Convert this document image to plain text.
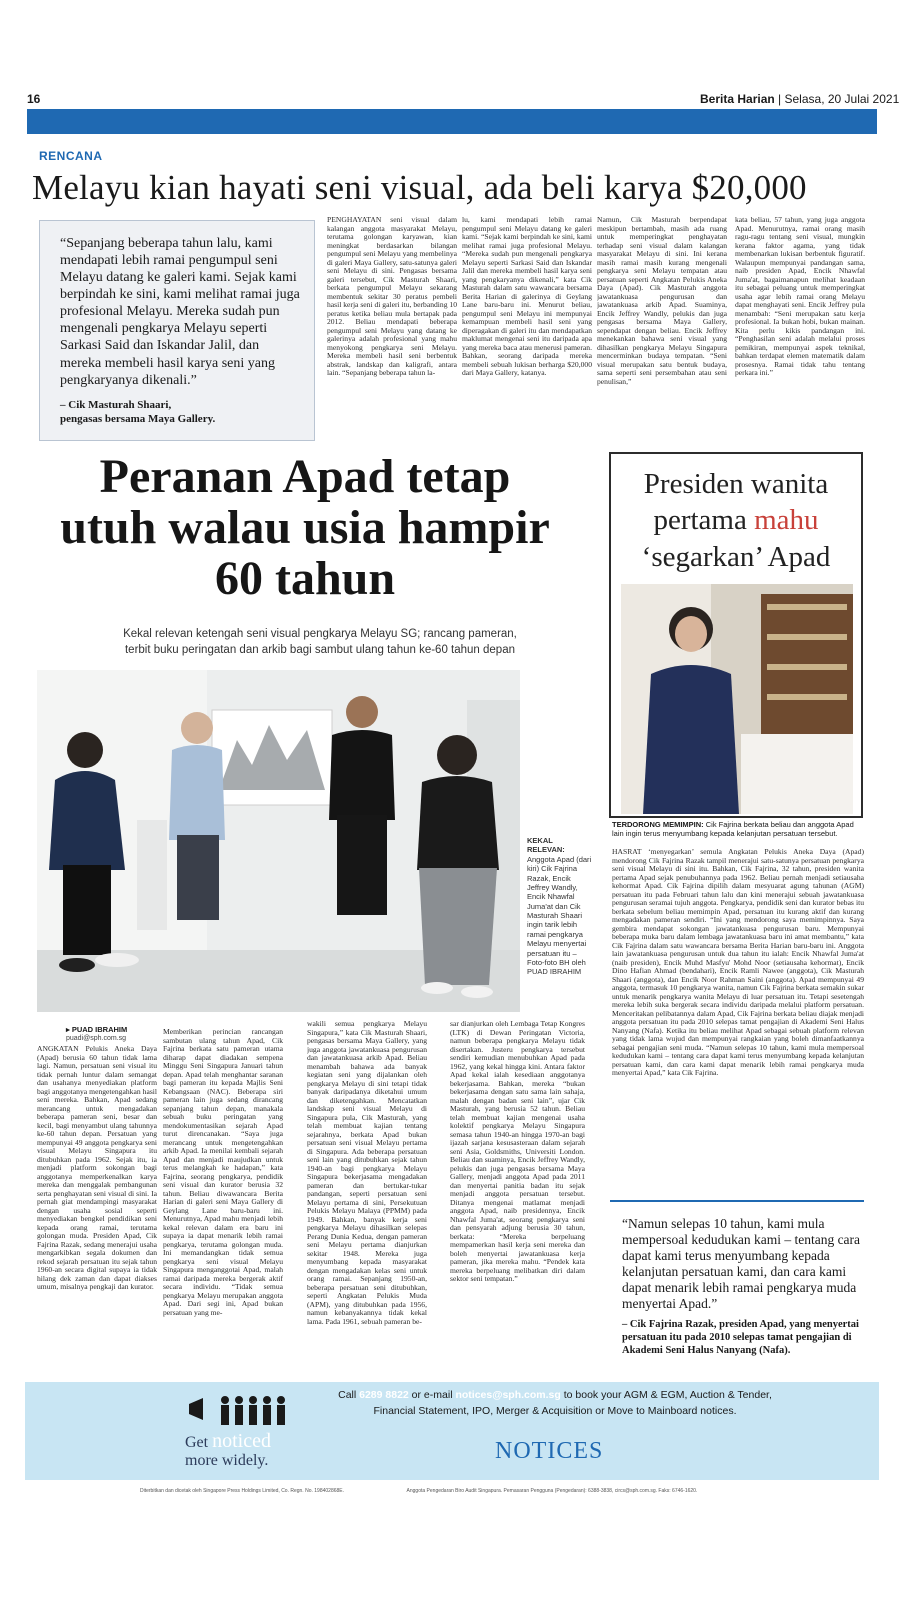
16	Berita Harian | Selasa, 20 Julai 2021
RENCANA
Melayu kian hayati seni visual, ada beli karya $20,000
“Sepanjang beberapa tahun lalu, kami mendapati lebih ramai pengumpul seni Melayu datang ke galeri kami. Sejak kami berpindah ke sini, kami melihat ramai juga profesional Melayu. Mereka sudah pun mengenali pengkarya Melayu seperti Sarkasi Said dan Iskandar Jalil, dan mereka membeli hasil karya seni yang pengkaryanya dikenali.”
– Cik Masturah Shaari,
pengasas bersama Maya Gallery.
PENGHAYATAN seni visual dalam kalangan anggota masyarakat Melayu, terutama golongan karyawan, kian meningkat berdasarkan bilangan pengumpul seni Melayu yang membelinya di galeri Maya Gallery, satu-satunya galeri seni Melayu di sini. Pengasas bersama galeri tersebut, Cik Masturah Shaari, berkata pengumpul Melayu sekarang membentuk sekitar 30 peratus pembeli hasil kerja seni di galeri itu, berbanding 10 peratus ketika beliau mula bertapak pada 2012. Beliau mendapati beberapa pengumpul seni Melayu yang datang ke galerinya adalah profesional yang mahu menyokong pengkarya seni Melayu. Mereka membeli hasil seni berbentuk abstrak, landskap dan kaligrafi, antara lain. “Sepanjang beberapa tahun la-
lu, kami mendapati lebih ramai pengumpul seni Melayu datang ke galeri kami. “Sejak kami berpindah ke sini, kami melihat ramai juga profesional Melayu. “Mereka sudah pun mengenali pengkarya Melayu seperti Sarkasi Said dan Iskandar Jalil dan mereka membeli hasil karya seni yang pengkaryanya dikenali,” kata Cik Masturah dalam satu wawancara bersama Berita Harian di galerinya di Geylang Lane baru-baru ini. Menurut beliau, pengumpul seni Melayu ini mempunyai kemampuan membeli hasil seni yang diperagakan di galeri itu dan mendapatkan maklumat mengenai seni itu daripada apa yang mereka baca atau menerusi pameran. Bahkan, seorang daripada mereka membeli sebuah lukisan berharga $20,000 dari Maya Gallery, katanya.
Namun, Cik Masturah berpendapat meskipun bertambah, masih ada ruang untuk memperingkat penghayatan terhadap seni visual dalam kalangan masyarakat Melayu di sini. Ini kerana masih ramai masih kurang mengenali pengkarya seni Melayu tempatan atau persatuan seperti Angkatan Pelukis Aneka Daya (Apad). Cik Masturah anggota jawatankuasa pengurusan dan jawatankuasa arkib Apad. Suaminya, Encik Jeffrey Wandly, pelukis dan juga pengasas bersama Maya Gallery, sependapat dengan beliau. Encik Jeffrey menekankan bahawa seni visual yang dihasilkan pengkarya Melayu Singapura mencerminkan budaya tempatan. “Seni visual merupakan satu bentuk budaya, sama seperti seni persembahan atau seni penulisan,”
kata beliau, 57 tahun, yang juga anggota Apad. Menurutnya, ramai orang masih ragu-ragu tentang seni visual, mungkin kerana faktor agama, yang tidak membenarkan lukisan berbentuk figuratif. Walaupun mempunyai pandangan sama, naib presiden Apad, Encik Nhawfal Juma'at, bagaimanapun melihat keadaan itu sebagai peluang untuk memperingkat usaha agar lebih ramai orang Melayu dapat menghayati seni. Encik Jeffrey pula menambah: “Seni merupakan satu kerja profesional. Ia bukan hobi, bukan mainan. Kita perlu kikis pandangan ini. “Penghasilan seni adalah melalui proses pemikiran, mempunyai aspek teknikal, bahkan terdapat elemen matematik dalam prosesnya. Ramai tidak tahu tentang perkara ini.”
Peranan Apad tetap utuh walau usia hampir 60 tahun
Kekal relevan ketengah seni visual pengkarya Melayu SG; rancang pameran, terbit buku peringatan dan arkib bagi sambut ulang tahun ke-60 tahun depan
KEKAL
RELEVAN:
Anggota Apad (dari kiri) Cik Fajrina Razak, Encik Jeffrey Wandly, Encik Nhawfal Juma'at dan Cik Masturah Shaari ingin tarik lebih ramai pengkarya Melayu menyertai persatuan itu – Foto-foto BH oleh PUAD IBRAHIM
▸ PUAD IBRAHIM
puadi@sph.com.sg
ANGKATAN Pelukis Aneka Daya (Apad) berusia 60 tahun tidak lama lagi. Namun, persatuan seni visual itu tidak pernah luntur dalam semangat dan usahanya menyediakan platform bagi anggotanya mengetengahkan hasil seni mereka. Bahkan, Apad sedang merancang untuk mengadakan beberapa pameran seni, besar dan kecil, bagi menyambut ulang tahunnya ke-60 tahun depan. Persatuan yang mempunyai 49 anggota pengkarya seni visual Melayu Singapura itu ditubuhkan pada 1962. Sejak itu, ia menjadi platform sokongan bagi anggotanya memperkenalkan karya mereka dan menggalak pembangunan serta penghayatan seni visual di sini. Ia pernah giat mendampingi masyarakat dengan usaha sosial seperti menyediakan bengkel pendidikan seni kepada orang ramai, terutama golongan muda. Presiden Apad, Cik Fajrina Razak, sedang menerajui usaha mengarkibkan segala dokumen dan rekod sejarah persatuan itu sejak tahun 1960-an secara digital supaya ia tidak hilang dek zaman dan dapat diakses umum, misalnya pengkaji dan kurator.
Memberikan perincian rancangan sambutan ulang tahun Apad, Cik Fajrina berkata satu pameran utama diharap dapat diadakan sempena Minggu Seni Singapura Januari tahun depan. Apad telah menghantar saranan bagi pameran itu kepada Majlis Seni Kebangsaan (NAC). Beberapa siri pameran lain juga sedang dirancang sepanjang tahun depan, manakala sebuah buku peringatan yang mendokumentasikan sejarah Apad turut direncanakan. “Saya juga merancang untuk mengetengahkan arkib Apad. Ia menilai kembali sejarah Apad dan menjadi maujudkan untuk terus melangkah ke hadapan,” kata Fajrina, seorang pengkarya, pendidik seni visual dan kurator berusia 32 tahun. Beliau diwawancara Berita Harian di galeri seni Maya Gallery di Geylang Lane baru-baru ini. Menurutnya, Apad mahu menjadi lebih kekal relevan dalam era baru ini supaya ia dapat menarik lebih ramai pengkarya, terutama golongan muda. Ini memandangkan tidak semua pengkarya seni visual Melayu Singapura menganggotai Apad, malah ramai daripada mereka bergerak aktif secara individu. “Tidak semua pengkarya Melayu merupakan anggota Apad. Dari segi ini, Apad bukan persatuan yang me-
wakili semua pengkarya Melayu Singapura,” kata Cik Masturah Shaari, pengasas bersama Maya Gallery, yang juga anggota jawatankuasa pengurusan dan jawatankuasa arkib Apad. Beliau menambah bahawa ada banyak kegiatan seni yang dijalankan oleh pengkarya Melayu di sini tetapi tidak banyak daripadanya diketahui umum dan diketengahkan. Mencatatkan landskap seni visual Melayu di Singapura pula, Cik Masturah, yang telah membuat kajian tentang sejarahnya, berkata Apad bukan persatuan seni visual Melayu pertama di Singapura. Ada beberapa persatuan seni lain yang ditubuhkan sejak tahun 1940-an bagi pengkarya Melayu Singapura bekerjasama mengadakan pameran dan bertukar-tukar pandangan, seperti persatuan seni Melayu pertama di sini, Persekutuan Pelukis Melayu Malaya (PPMM) pada 1949. Bahkan, banyak kerja seni pengkarya Melayu dihasilkan selepas Perang Dunia Kedua, dengan pameran seni Melayu pertama dianjurkan sekitar 1948. Mereka juga menyumbang kepada masyarakat dengan mengadakan kelas seni untuk orang ramai. Sepanjang 1950-an, beberapa persatuan seni ditubuhkan, seperti Angkatan Pelukis Muda (APM), yang ditubuhkan pada 1956, namun kebanyakannya tidak kekal lama. Pada 1961, sebuah pameran be-
sar dianjurkan oleh Lembaga Tetap Kongres (LTK) di Dewan Peringatan Victoria, namun beberapa pengkarya Melayu tidak disertakan. Justeru pengkarya tersebut sendiri kemudian menubuhkan Apad pada 1962, yang kekal hingga kini. Antara faktor Apad kekal ialah kesediaan anggotanya bekerjasama. Bahkan, mereka “bukan bekerjasama dengan satu sama lain sahaja, malah dengan badan seni lain”, ujar Cik Masturah, yang berusia 52 tahun. Beliau telah membuat kajian mengenai usaha kolektif pengkarya Melayu Singapura semasa tahun 1940-an hingga 1970-an bagi ijazah sarjana kesusasteraan dalam sejarah seni Asia, Goldsmiths, Universiti London. Beliau dan suaminya, Encik Jeffrey Wandly, pelukis dan juga pengasas bersama Maya Gallery, menjadi anggota Apad pada 2011 dan menyertai panitia badan itu sejak menjadi anggota persatuan tersebut. Ditanya mengenai matlamat menjadi anggota Apad, naib presidennya, Encik Nhawfal Juma'at, seorang pengkarya seni dan pensyarah adjung berusia 30 tahun, berkata: “Mereka berpeluang mempamerkan hasil kerja seni mereka dan boleh menyertai jawatankuasa kerja pameran, jika mereka mahu. “Pendek kata mereka berpeluang melibatkan diri dalam sektor seni tempatan.”
Presiden wanita
pertama mahu
‘segarkan’ Apad
TERDORONG MEMIMPIN: Cik Fajrina berkata beliau dan anggota Apad lain ingin terus menyumbang kepada kelanjutan persatuan tersebut.
HASRAT ‘menyegarkan’ semula Angkatan Pelukis Aneka Daya (Apad) mendorong Cik Fajrina Razak tampil menerajui satu-satunya persatuan pengkarya seni visual Melayu di sini itu. Bahkan, Cik Fajrina, 32 tahun, presiden wanita pertama Apad sejak penubuhannya pada 1962. Beliau pernah menjadi setiausaha kehormat Apad. Cik Fajrina dipilih dalam mesyuarat agung tahunan (AGM) persatuan itu pada Februari tahun lalu dan kini menerajui sebuah jawatankuasa pengurusan seramai tujuh anggota. Pengkarya, pendidik seni dan kurator bebas itu berkata sebelum beliau memimpin Apad, persatuan itu kurang aktif dan kurang mengadakan pameran sendiri. “Ini yang mendorong saya memimpinnya. Saya gembira mendapat sokongan jawatankuasa pengurusan baru. Mempunyai beberapa muka baru dalam lembaga jawatankuasa baru ini amat membantu,” kata Cik Fajrina dalam satu wawancara bersama Berita Harian baru-baru ini. Anggota lain jawatankuasa pengurusan untuk dua tahun itu ialah: Encik Nhawfal Juma'at (naib presiden), Encik Muhd Masfyu' Mohd Noor (setiausaha kehormat), Encik Dino Hafian Ahmad (bendahari), Encik Ramli Nawee (anggota), Cik Masturah Shaari (anggota), dan Encik Noor Rahman Saini (anggota). Apad mempunyai 49 anggota, termasuk 10 pengkarya wanita, namun Cik Fajrina berkata semakin sukar untuk menarik pengkarya wanita Melayu di luar persatuan itu. Tetapi sesetengah mereka lebih suka bergerak secara individu daripada melalui platform persatuan. Menceritakan pelibatannya dalam Apad, Cik Fajrina berkata beliau diajak menjadi anggota persatuan itu pada 2010 selepas tamat pengajian di Akademi Seni Halus Nanyang (Nafa). Ketika itu beliau melihat Apad sebagai sebuah platform relevan yang tidak lama wujud dan mempunyai rangkaian yang boleh dimanfaatkannya sebagai pengajian seni muda. “Namun selepas 10 tahun, kami mula mempersoal kedudukan kami – tentang cara dapat kami terus menyumbang kepada kelanjutan persatuan kami, dan cara kami dapat menarik lebih ramai pengkarya muda menyertai Apad,” kata Cik Fajrina.
“Namun selepas 10 tahun, kami mula mempersoal kedudukan kami – tentang cara dapat kami terus menyumbang kepada kelanjutan persatuan kami, dan cara kami dapat menarik lebih ramai pengkarya muda menyertai Apad.”
– Cik Fajrina Razak, presiden Apad, yang menyertai persatuan itu pada 2010 selepas tamat pengajian di Akademi Seni Halus Nanyang (Nafa).
Call 6289 8822 or e-mail notices@sph.com.sg to book your AGM & EGM, Auction & Tender,
Financial Statement, IPO, Merger & Acquisition or Move to Mainboard notices.
Get noticed
more widely.	NOTICES
Diterbitkan dan dicetak oleh Singapore Press Holdings Limited, Co. Regn. No. 198402868E.	Anggota Pengedaran Biro Audit Singapura. Pemasaran Pengguna (Pengedaran): 6388-3838, circs@sph.com.sg. Faks: 6746-1620.
